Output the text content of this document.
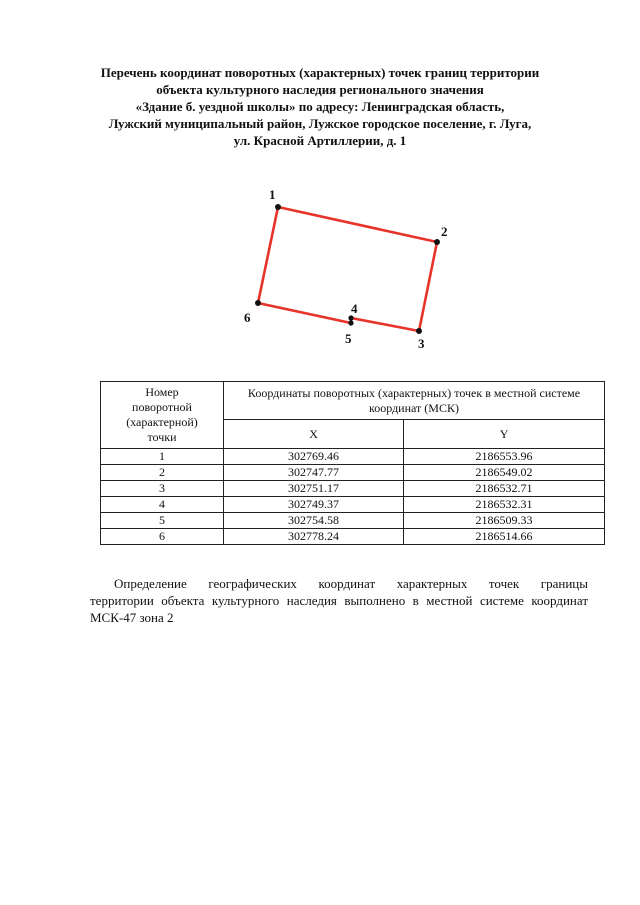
Перечень координат поворотных (характерных) точек границ территории
объекта культурного наследия регионального значения
«Здание б. уездной школы» по адресу: Ленинградская область,
Лужский муниципальный район, Лужское городское поселение, г. Луга,
ул. Красной Артиллерии, д. 1
1
2
3
4
5
6
Номер
поворотной
(характерной)
точки	Координаты поворотных (характерных) точек в местной системе координат (МСК)	
	X	Y
1	302769.46	2186553.96
2	302747.77	2186549.02
3	302751.17	2186532.71
4	302749.37	2186532.31
5	302754.58	2186509.33
6	302778.24	2186514.66
Определение географических координат характерных точек границы
территории объекта культурного наследия выполнено в местной системе координат МСК-47 зона 2
